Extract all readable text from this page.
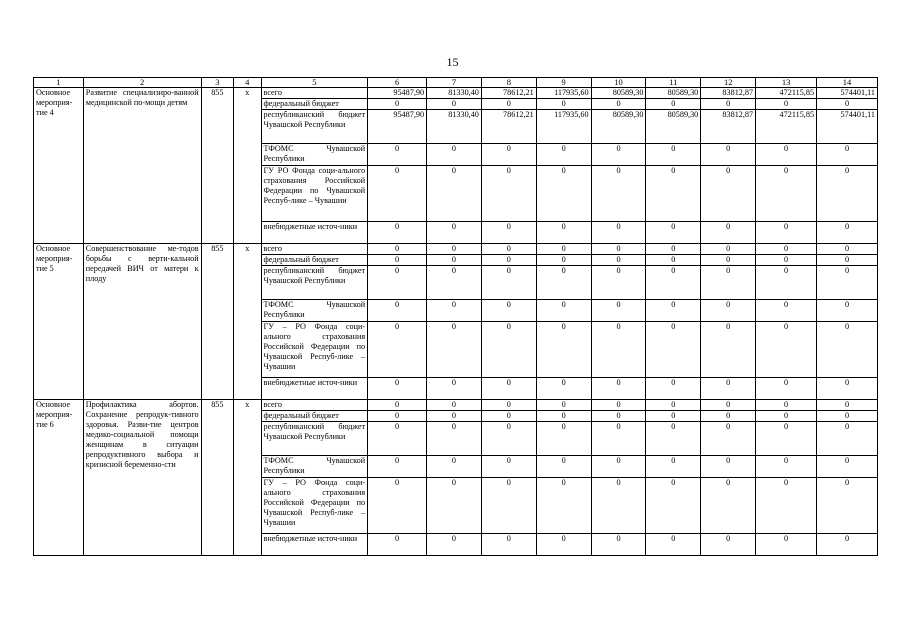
15
1	2	3	4	5	6	7	8	9	10	11	12	13	14
Основное мероприя-тие 4	Развитие специализиро-ванной медицинской по-мощи детям	855	x	всего	95487,90	81330,40	78612,21	117935,60	80589,30	80589,30	83812,87	472115,85	574401,11
				федеральный бюджет	0	0	0	0	0	0	0	0	0
				республиканский бюджет Чувашской Республики	95487,90	81330,40	78612,21	117935,60	80589,30	80589,30	83812,87	472115,85	574401,11
				ТФОМС Чувашской Республики	0	0	0	0	0	0	0	0	0
				ГУ РО Фонда соци-ального страхования Российской Федерации по Чувашской Респуб-лике – Чувашии	0	0	0	0	0	0	0	0	0
				внебюджетные источ-ники	0	0	0	0	0	0	0	0	0
Основное мероприя-тие 5	Совершенствование ме-тодов борьбы с верти-кальной передачей ВИЧ от матери к плоду	855	x	всего	0	0	0	0	0	0	0	0	0
				федеральный бюджет	0	0	0	0	0	0	0	0	0
				республиканский бюджет Чувашской Республики	0	0	0	0	0	0	0	0	0
				ТФОМС Чувашской Республики	0	0	0	0	0	0	0	0	0
				ГУ – РО Фонда соци-ального страхования Российской Федерации по Чувашской Респуб-лике – Чувашии	0	0	0	0	0	0	0	0	0
				внебюджетные источ-ники	0	0	0	0	0	0	0	0	0
Основное мероприя-тие 6	Профилактика абортов. Сохранение репродук-тивного здоровья. Разви-тие центров медико-социальной помощи женщинам в ситуации репродуктивного выбора и кризисной беременно-сти	855	x	всего	0	0	0	0	0	0	0	0	0
				федеральный бюджет	0	0	0	0	0	0	0	0	0
				республиканский бюджет Чувашской Республики	0	0	0	0	0	0	0	0	0
				ТФОМС Чувашской Республики	0	0	0	0	0	0	0	0	0
				ГУ – РО Фонда соци-ального страхования Российской Федерации по Чувашской Респуб-лике – Чувашии	0	0	0	0	0	0	0	0	0
				внебюджетные источ-ники	0	0	0	0	0	0	0	0	0
